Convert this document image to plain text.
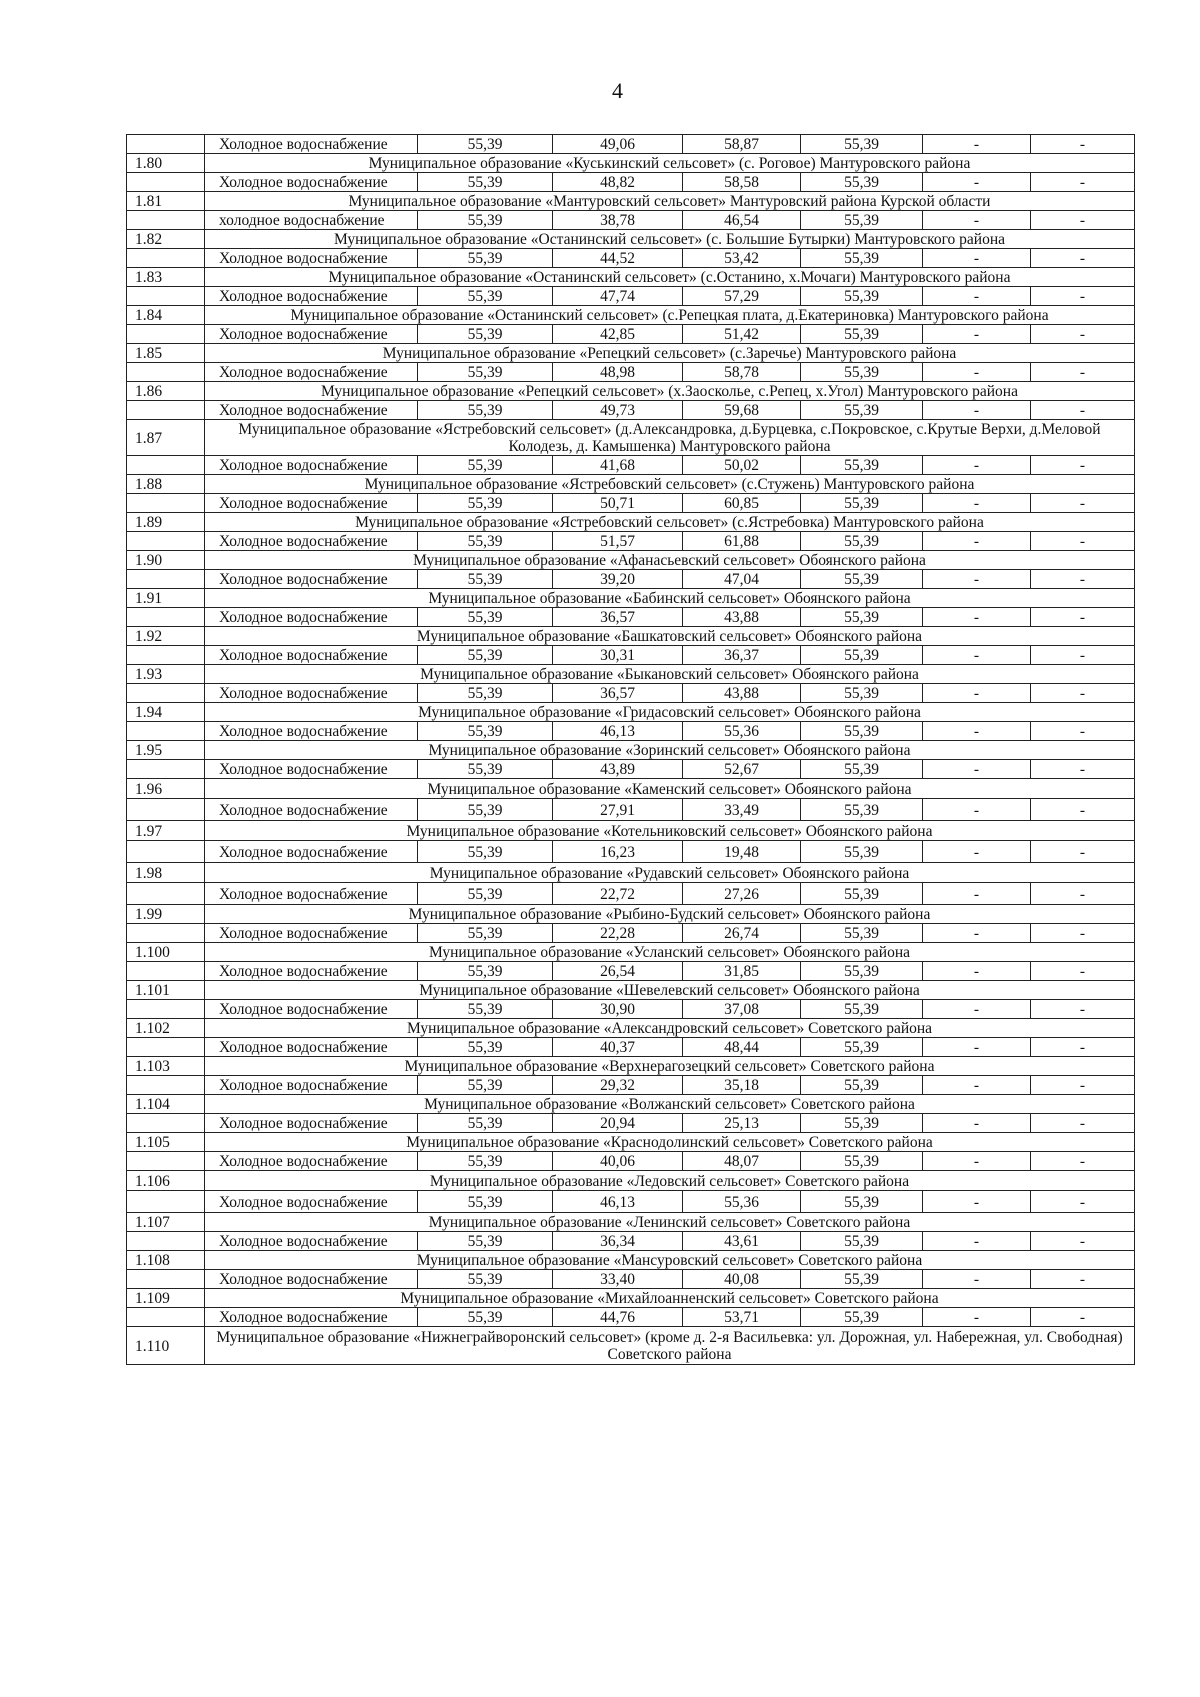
4
	Холодное водоснабжение	55,39	49,06	58,87	55,39	-	-
1.80	Муниципальное образование «Куськинский сельсовет» (с. Роговое) Мантуровского района						
	Холодное водоснабжение	55,39	48,82	58,58	55,39	-	-
1.81	Муниципальное образование «Мантуровский сельсовет» Мантуровский района Курской области						
	холодное водоснабжение	55,39	38,78	46,54	55,39	-	-
1.82	Муниципальное образование «Останинский сельсовет» (с. Большие Бутырки) Мантуровского района						
	Холодное водоснабжение	55,39	44,52	53,42	55,39	-	-
1.83	Муниципальное образование «Останинский сельсовет» (с.Останино, х.Мочаги) Мантуровского района						
	Холодное водоснабжение	55,39	47,74	57,29	55,39	-	-
1.84	Муниципальное образование «Останинский сельсовет» (с.Репецкая плата, д.Екатериновка) Мантуровского района						
	Холодное водоснабжение	55,39	42,85	51,42	55,39	-	-
1.85	Муниципальное образование «Репецкий сельсовет» (с.Заречье) Мантуровского района						
	Холодное водоснабжение	55,39	48,98	58,78	55,39	-	-
1.86	Муниципальное образование «Репецкий сельсовет» (х.Заосколье, с.Репец, х.Угол) Мантуровского района						
	Холодное водоснабжение	55,39	49,73	59,68	55,39	-	-
1.87	Муниципальное образование «Ястребовский сельсовет» (д.Александровка, д.Бурцевка, с.Покровское, с.Крутые Верхи, д.Меловой Колодезь, д. Камышенка) Мантуровского района						
	Холодное водоснабжение	55,39	41,68	50,02	55,39	-	-
1.88	Муниципальное образование «Ястребовский сельсовет» (с.Стужень) Мантуровского района						
	Холодное водоснабжение	55,39	50,71	60,85	55,39	-	-
1.89	Муниципальное образование «Ястребовский сельсовет» (с.Ястребовка) Мантуровского района						
	Холодное водоснабжение	55,39	51,57	61,88	55,39	-	-
1.90	Муниципальное образование «Афанасьевский сельсовет» Обоянского района						
	Холодное водоснабжение	55,39	39,20	47,04	55,39	-	-
1.91	Муниципальное образование «Бабинский сельсовет» Обоянского района						
	Холодное водоснабжение	55,39	36,57	43,88	55,39	-	-
1.92	Муниципальное образование «Башкатовский сельсовет» Обоянского района						
	Холодное водоснабжение	55,39	30,31	36,37	55,39	-	-
1.93	Муниципальное образование «Быкановский сельсовет» Обоянского района						
	Холодное водоснабжение	55,39	36,57	43,88	55,39	-	-
1.94	Муниципальное образование «Гридасовский сельсовет» Обоянского района						
	Холодное водоснабжение	55,39	46,13	55,36	55,39	-	-
1.95	Муниципальное образование «Зоринский сельсовет» Обоянского района						
	Холодное водоснабжение	55,39	43,89	52,67	55,39	-	-
1.96	Муниципальное образование «Каменский сельсовет» Обоянского района						
	Холодное водоснабжение	55,39	27,91	33,49	55,39	-	-
1.97	Муниципальное образование «Котельниковский сельсовет» Обоянского района						
	Холодное водоснабжение	55,39	16,23	19,48	55,39	-	-
1.98	Муниципальное образование «Рудавский сельсовет» Обоянского района						
	Холодное водоснабжение	55,39	22,72	27,26	55,39	-	-
1.99	Муниципальное образование «Рыбино-Будский сельсовет» Обоянского района						
	Холодное водоснабжение	55,39	22,28	26,74	55,39	-	-
1.100	Муниципальное образование «Усланский сельсовет» Обоянского района						
	Холодное водоснабжение	55,39	26,54	31,85	55,39	-	-
1.101	Муниципальное образование «Шевелевский сельсовет» Обоянского района						
	Холодное водоснабжение	55,39	30,90	37,08	55,39	-	-
1.102	Муниципальное образование «Александровский сельсовет» Советского района						
	Холодное водоснабжение	55,39	40,37	48,44	55,39	-	-
1.103	Муниципальное образование «Верхнерагозецкий сельсовет» Советского района						
	Холодное водоснабжение	55,39	29,32	35,18	55,39	-	-
1.104	Муниципальное образование «Волжанский сельсовет» Советского района						
	Холодное водоснабжение	55,39	20,94	25,13	55,39	-	-
1.105	Муниципальное образование «Краснодолинский сельсовет» Советского района						
	Холодное водоснабжение	55,39	40,06	48,07	55,39	-	-
1.106	Муниципальное образование «Ледовский сельсовет» Советского района						
	Холодное водоснабжение	55,39	46,13	55,36	55,39	-	-
1.107	Муниципальное образование «Ленинский сельсовет» Советского района						
	Холодное водоснабжение	55,39	36,34	43,61	55,39	-	-
1.108	Муниципальное образование «Мансуровский сельсовет» Советского района						
	Холодное водоснабжение	55,39	33,40	40,08	55,39	-	-
1.109	Муниципальное образование «Михайлоанненский сельсовет» Советского района						
	Холодное водоснабжение	55,39	44,76	53,71	55,39	-	-
1.110	Муниципальное образование «Нижнеграйворонский сельсовет» (кроме д. 2-я Васильевка: ул. Дорожная, ул. Набережная, ул. Свободная) Советского района						
